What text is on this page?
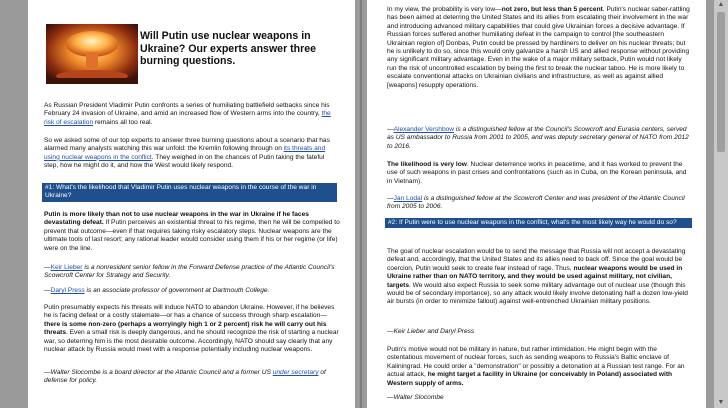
Will Putin use nuclear weapons in Ukraine? Our experts answer three burning questions.

As Russian President Vladimir Putin confronts a series of humiliating battlefield setbacks since his February 24 invasion of Ukraine, and amid an increased flow of Western arms into the country, the risk of escalation remains all too real.

So we asked some of our top experts to answer three burning questions about a scenario that has alarmed many analysts watching this war unfold: the Kremlin following through on its threats and using nuclear weapons in the conflict. They weighed in on the chances of Putin taking the fateful step, how he might do it, and how the West would likely respond.

#1: What's the likelihood that Vladimir Putin uses nuclear weapons in the course of the war in Ukraine?

Putin is more likely than not to use nuclear weapons in the war in Ukraine if he faces devastating defeat. If Putin perceives an existential threat to his regime, then he will be compelled to prevent that outcome—even if that requires taking risky escalatory steps. Nuclear weapons are the ultimate tools of last resort; any rational leader would consider using them if his or her regime (or life) were on the line.

—Keir Lieber is a nonresident senior fellow in the Forward Defense practice of the Atlantic Council's Scowcroft Center for Strategy and Security.

—Daryl Press is an associate professor of government at Dartmouth College.

Putin presumably expects his threats will induce NATO to abandon Ukraine. However, if he believes he is facing defeat or a costly stalemate—or has a chance of success through sharp escalation—there is some non-zero (perhaps a worryingly high 1 or 2 percent) risk he will carry out his threats. Even a small risk is deeply dangerous, and he should recognize the risk of starting a nuclear war, so deterring him is the most desirable outcome. Accordingly, NATO should say clearly that any nuclear attack by Russia would meet with a response potentially including nuclear weapons.

—Walter Slocombe is a board director at the Atlantic Council and a former US under secretary of defense for policy.

In my view, the probability is very low—not zero, but less than 5 percent. Putin's nuclear saber-rattling has been aimed at deterring the United States and its allies from escalating their involvement in the war and introducing advanced military capabilities that could give Ukrainian forces a decisive advantage. If Russian forces suffered another humiliating defeat in the campaign to control [the southeastern Ukrainian region of] Donbas, Putin could be pressed by hardliners to deliver on his nuclear threats; but he is unlikely to do so, since this would only galvanize a harsh US and allied response without providing any significant military advantage. Even in the wake of a major military setback, Putin would not likely run the risk of uncontrolled escalation by being the first to break the nuclear taboo. He is more likely to escalate conventional attacks on Ukrainian civilians and infrastructure, as well as against allied [weapons] resupply operations.

—Alexander Vershbow is a distinguished fellow at the Council's Scowcroft and Eurasia centers, served as US ambassador to Russia from 2001 to 2005, and was deputy secretary general of NATO from 2012 to 2016.

The likelihood is very low. Nuclear deterrence works in peacetime, and it has worked to prevent the use of such weapons in past crises and confrontations (such as in Cuba, on the Korean peninsula, and in Vietnam).

—Jan Lodal is a distinguished fellow at the Scowcroft Center and was president of the Atlantic Council from 2005 to 2006.

#2: If Putin were to use nuclear weapons in the conflict, what's the most likely way he would do so?

The goal of nuclear escalation would be to send the message that Russia will not accept a devastating defeat and, accordingly, that the United States and its allies need to back off. Since the goal would be coercion, Putin would seek to create fear instead of rage. Thus, nuclear weapons would be used in Ukraine rather than on NATO territory, and they would be used against military, not civilian, targets. We would also expect Russia to seek some military advantage out of nuclear use (though this would be of secondary importance), so any attack would likely involve detonating half a dozen low-yield air bursts (in order to minimize fallout) against well-entrenched Ukrainian military positions.

—Keir Lieber and Daryl Press

Putin's motive would not be military in nature, but rather intimidation. He might begin with the ostentatious movement of nuclear forces, such as sending weapons to Russia's Baltic enclave of Kaliningrad. He could order a "demonstration" or possibly a detonation at a Russian test range. For an actual attack, he might target a facility in Ukraine (or conceivably in Poland) associated with Western supply of arms.

—Walter Slocombe

▲
▼
